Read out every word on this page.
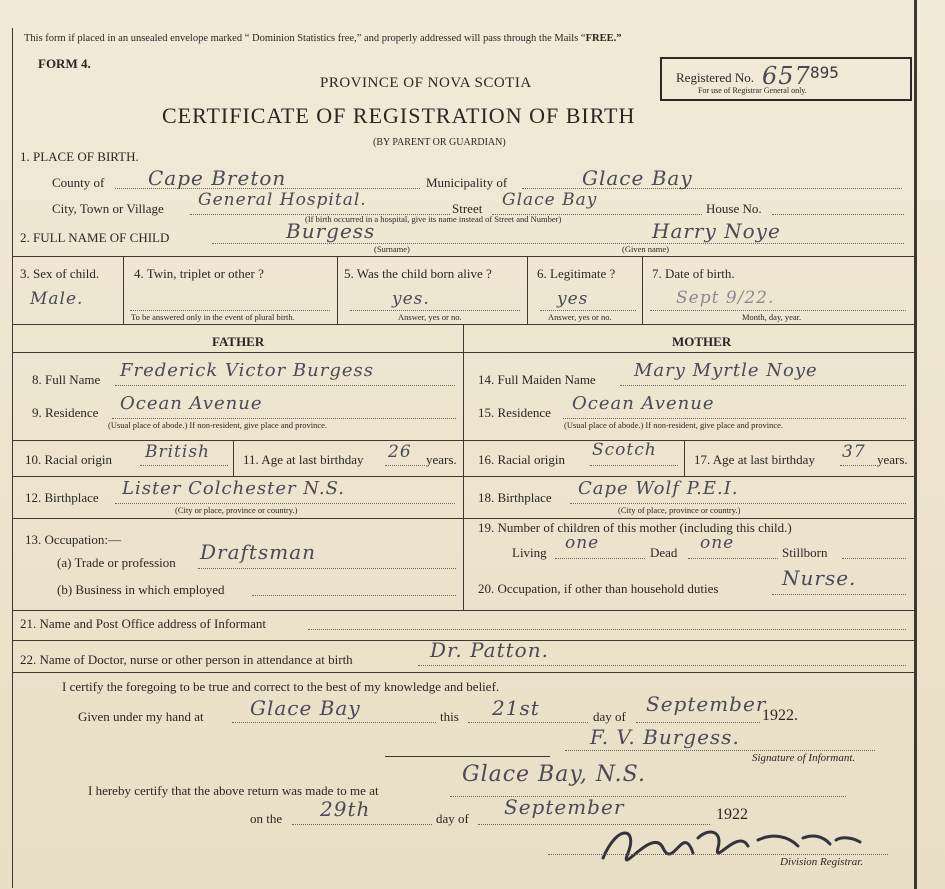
This form if placed in an unsealed envelope marked “ Dominion Statistics free,” and properly addressed will pass through the Mails “FREE.”
FORM 4.
PROVINCE OF NOVA SCOTIA
CERTIFICATE OF REGISTRATION OF BIRTH
(BY PARENT OR GUARDIAN)
Registered No. 657 895
For use of Registrar General only.
1. PLACE OF BIRTH.
County of Cape Breton	Municipality of	Glace Bay
City, Town or Village General Hospital.	Street Glace Bay	House No.
(If birth occurred in a hospital, give its name instead of Street and Number)
2. FULL NAME OF CHILD	Burgess
(Surname)
Harry Noye
(Given name)
3. Sex of child.
Male.
4. Twin, triplet or other ?
To be answered only in the event of plural birth.
5. Was the child born alive ?
yes.
Answer, yes or no.
6. Legitimate ?
yes
Answer, yes or no.
7. Date of birth.
Sept 9/22.
Month, day, year.
FATHER	MOTHER
8. Full Name Frederick Victor Burgess
9. Residence Ocean Avenue
(Usual place of abode.) If non-resident, give place and province.
10. Racial origin British	11. Age at last birthday 26 years.
12. Birthplace Lister Colchester N.S.
(City or place, province or country.)
13. Occupation:—
(a) Trade or profession Draftsman
(b) Business in which employed
14. Full Maiden Name Mary Myrtle Noye
15. Residence Ocean Avenue
(Usual place of abode.) If non-resident, give place and province.
16. Racial origin Scotch	17. Age at last birthday 37 years.
18. Birthplace Cape Wolf P.E.I.
(City of place, province or country.)
19. Number of children of this mother (including this child.)
Living one	Dead one	Stillborn
20. Occupation, if other than household duties	Nurse.
21. Name and Post Office address of Informant
22. Name of Doctor, nurse or other person in attendance at birth	Dr. Patton.
I certify the foregoing to be true and correct to the best of my knowledge and belief.
Given under my hand at Glace Bay	this 21st	day of
September
1922.
F. V. Burgess.
Signature of Informant.
I hereby certify that the above return was made to me at
Glace Bay, N.S.
on the 29th	day of September	1922
Division Registrar.
